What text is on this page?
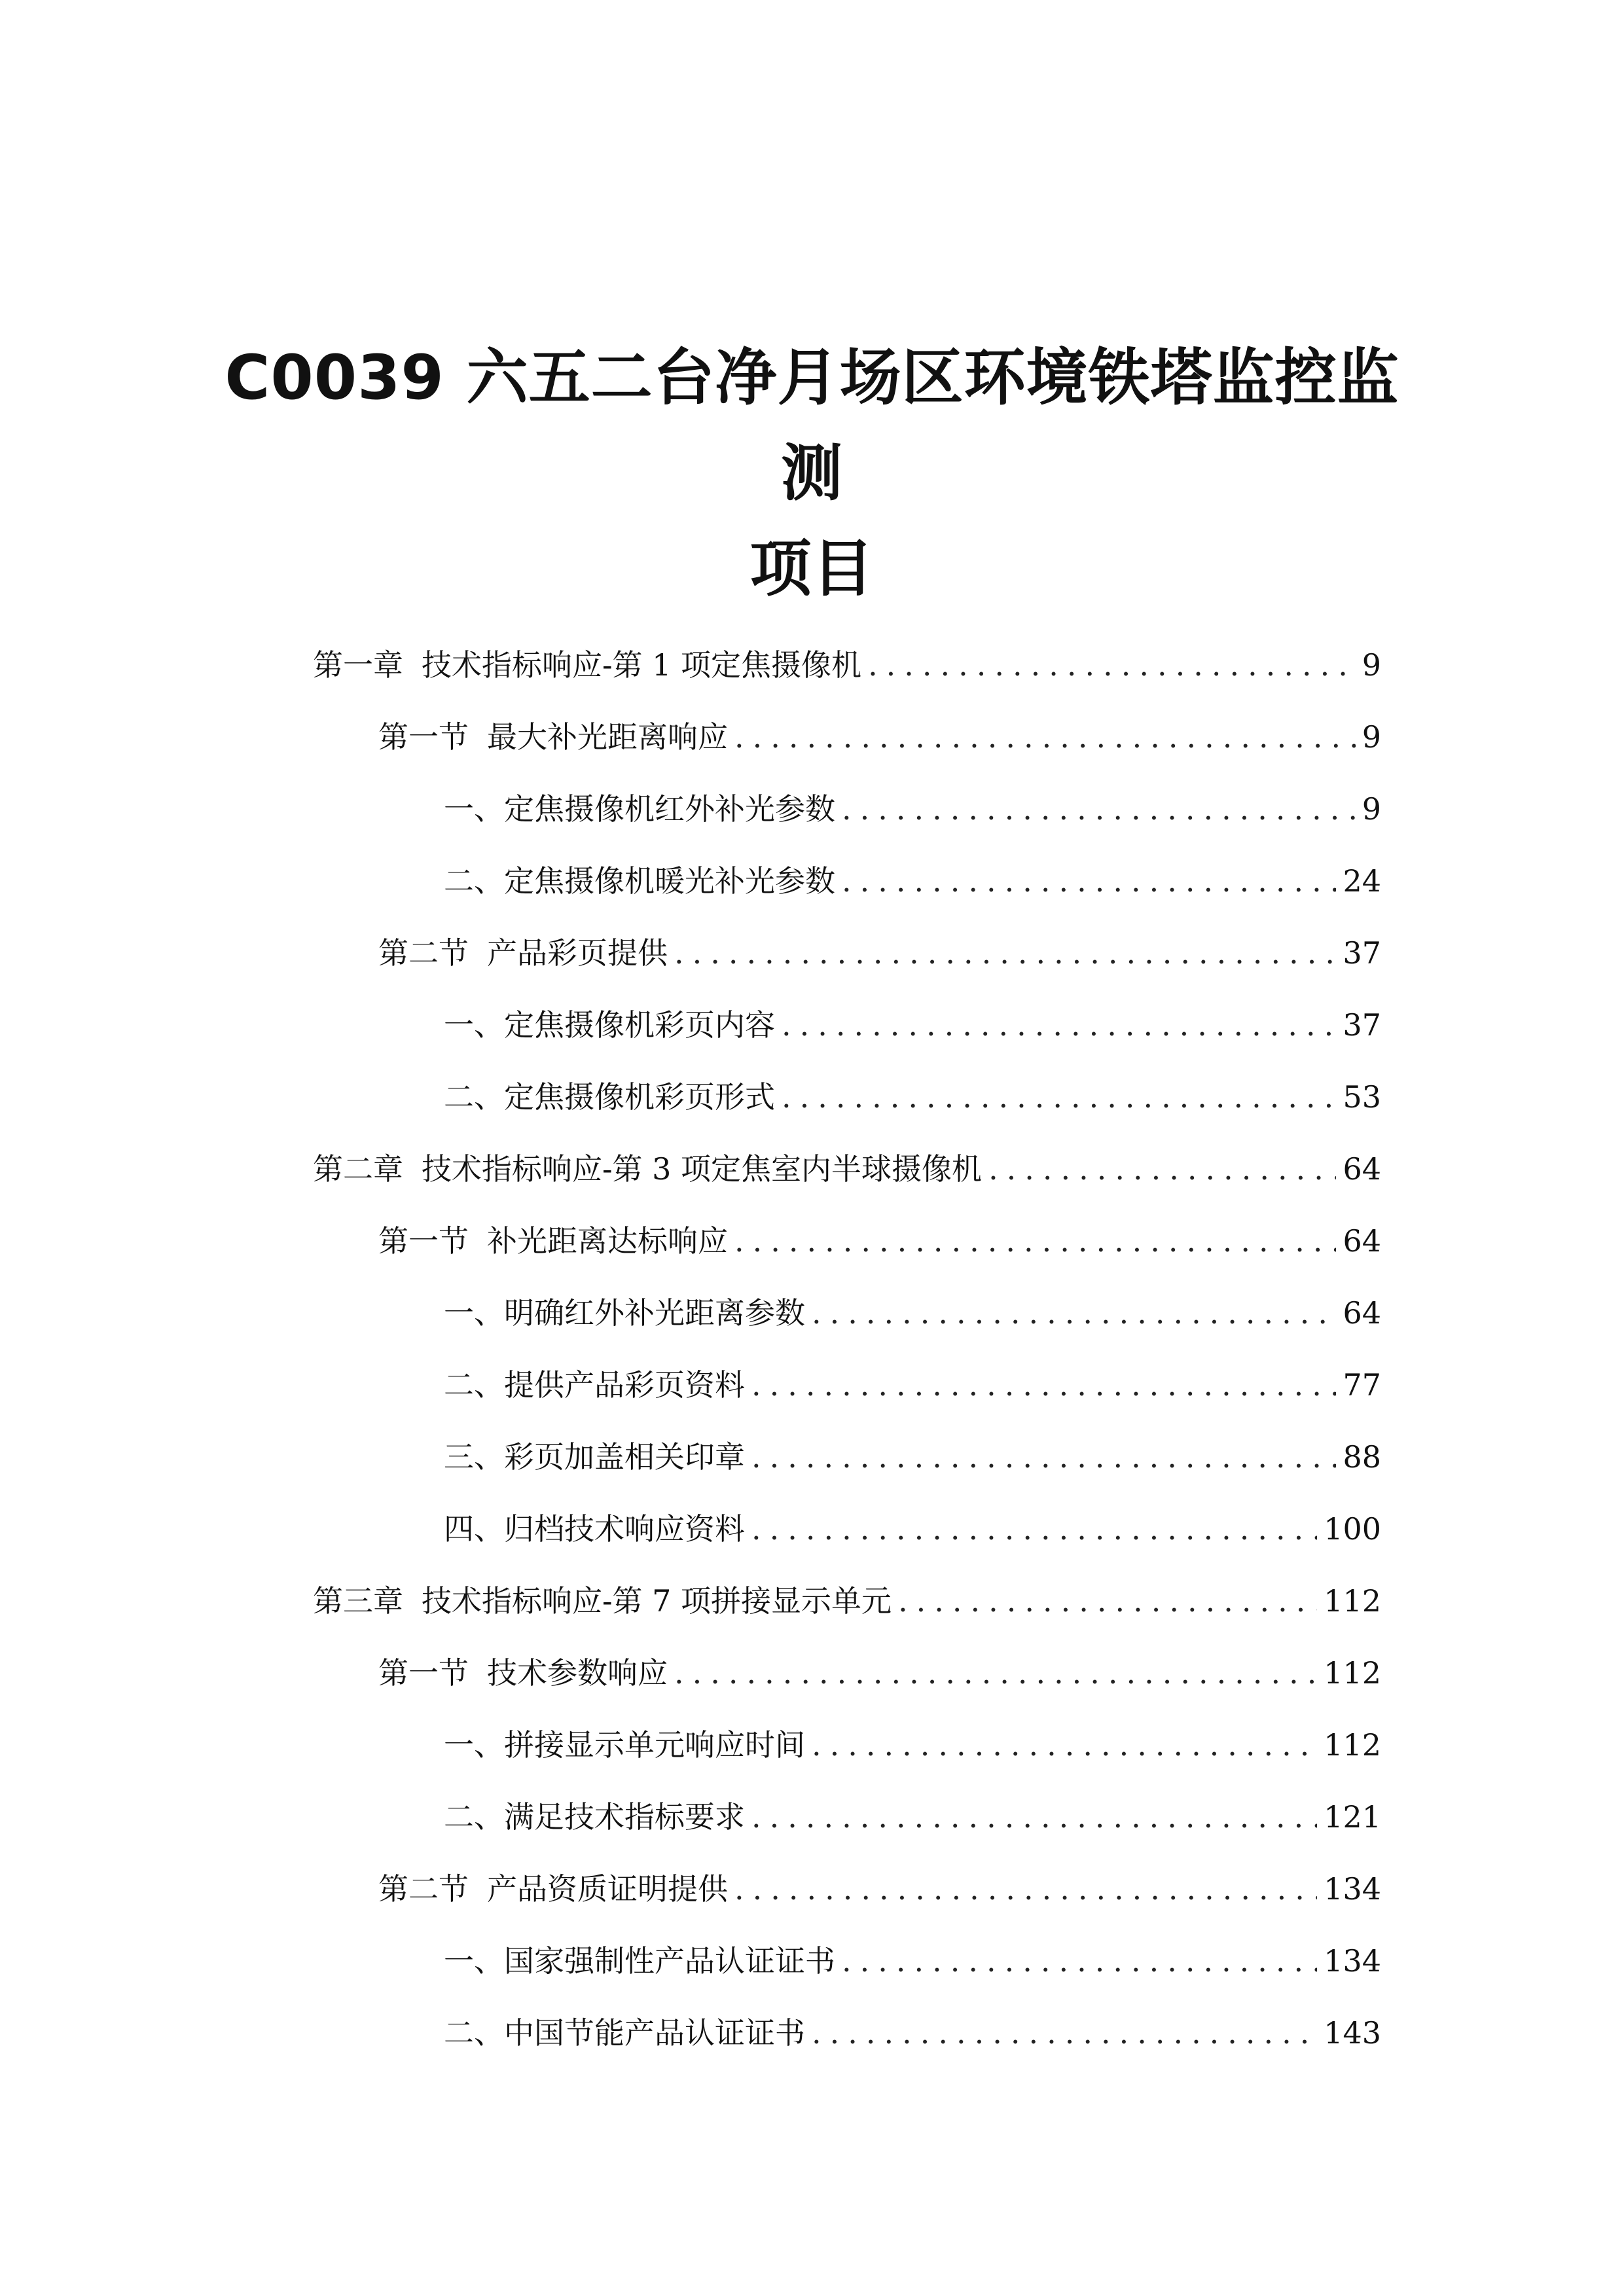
C0039 六五二台净月场区环境铁塔监控监测
项目
第一章 技术指标响应-第 1 项定焦摄像机 .....	9
第一节 最大补光距离响应 .....	9
一、 定焦摄像机红外补光参数 .....	9
二、 定焦摄像机暖光补光参数 .....	24
第二节 产品彩页提供 .....	37
一、 定焦摄像机彩页内容 .....	37
二、 定焦摄像机彩页形式 .....	53
第二章 技术指标响应-第 3 项定焦室内半球摄像机 .....	64
第一节 补光距离达标响应 .....	64
一、 明确红外补光距离参数 .....	64
二、 提供产品彩页资料 .....	77
三、 彩页加盖相关印章 .....	88
四、 归档技术响应资料 .....	100
第三章 技术指标响应-第 7 项拼接显示单元 .....	112
第一节 技术参数响应 .....	112
一、 拼接显示单元响应时间 .....	112
二、 满足技术指标要求 .....	121
第二节 产品资质证明提供 .....	134
一、 国家强制性产品认证证书 .....	134
二、 中国节能产品认证证书 .....	143
